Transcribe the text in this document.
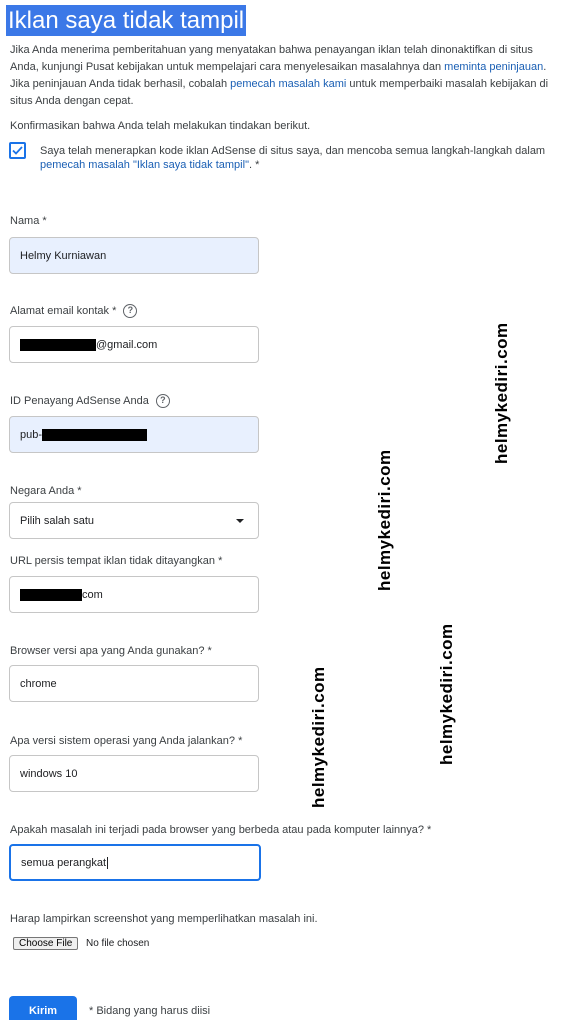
Iklan saya tidak tampil
Jika Anda menerima pemberitahuan yang menyatakan bahwa penayangan iklan telah dinonaktifkan di situs Anda, kunjungi Pusat kebijakan untuk mempelajari cara menyelesaikan masalahnya dan meminta peninjauan. Jika peninjauan Anda tidak berhasil, cobalah pemecah masalah kami untuk memperbaiki masalah kebijakan di situs Anda dengan cepat.
Konfirmasikan bahwa Anda telah melakukan tindakan berikut.
Saya telah menerapkan kode iklan AdSense di situs saya, dan mencoba semua langkah-langkah dalam pemecah masalah "Iklan saya tidak tampil". *
Nama *
Helmy Kurniawan
Alamat email kontak *	?
@gmail.com
ID Penayang AdSense Anda	?
pub-
Negara Anda *
Pilih salah satu
URL persis tempat iklan tidak ditayangkan *
com
Browser versi apa yang Anda gunakan? *
chrome
Apa versi sistem operasi yang Anda jalankan? *
windows 10
Apakah masalah ini terjadi pada browser yang berbeda atau pada komputer lainnya? *
semua perangkat
Harap lampirkan screenshot yang memperlihatkan masalah ini.
Choose File	No file chosen
Kirim	* Bidang yang harus diisi
helmykediri.com
helmykediri.com
helmykediri.com
helmykediri.com
